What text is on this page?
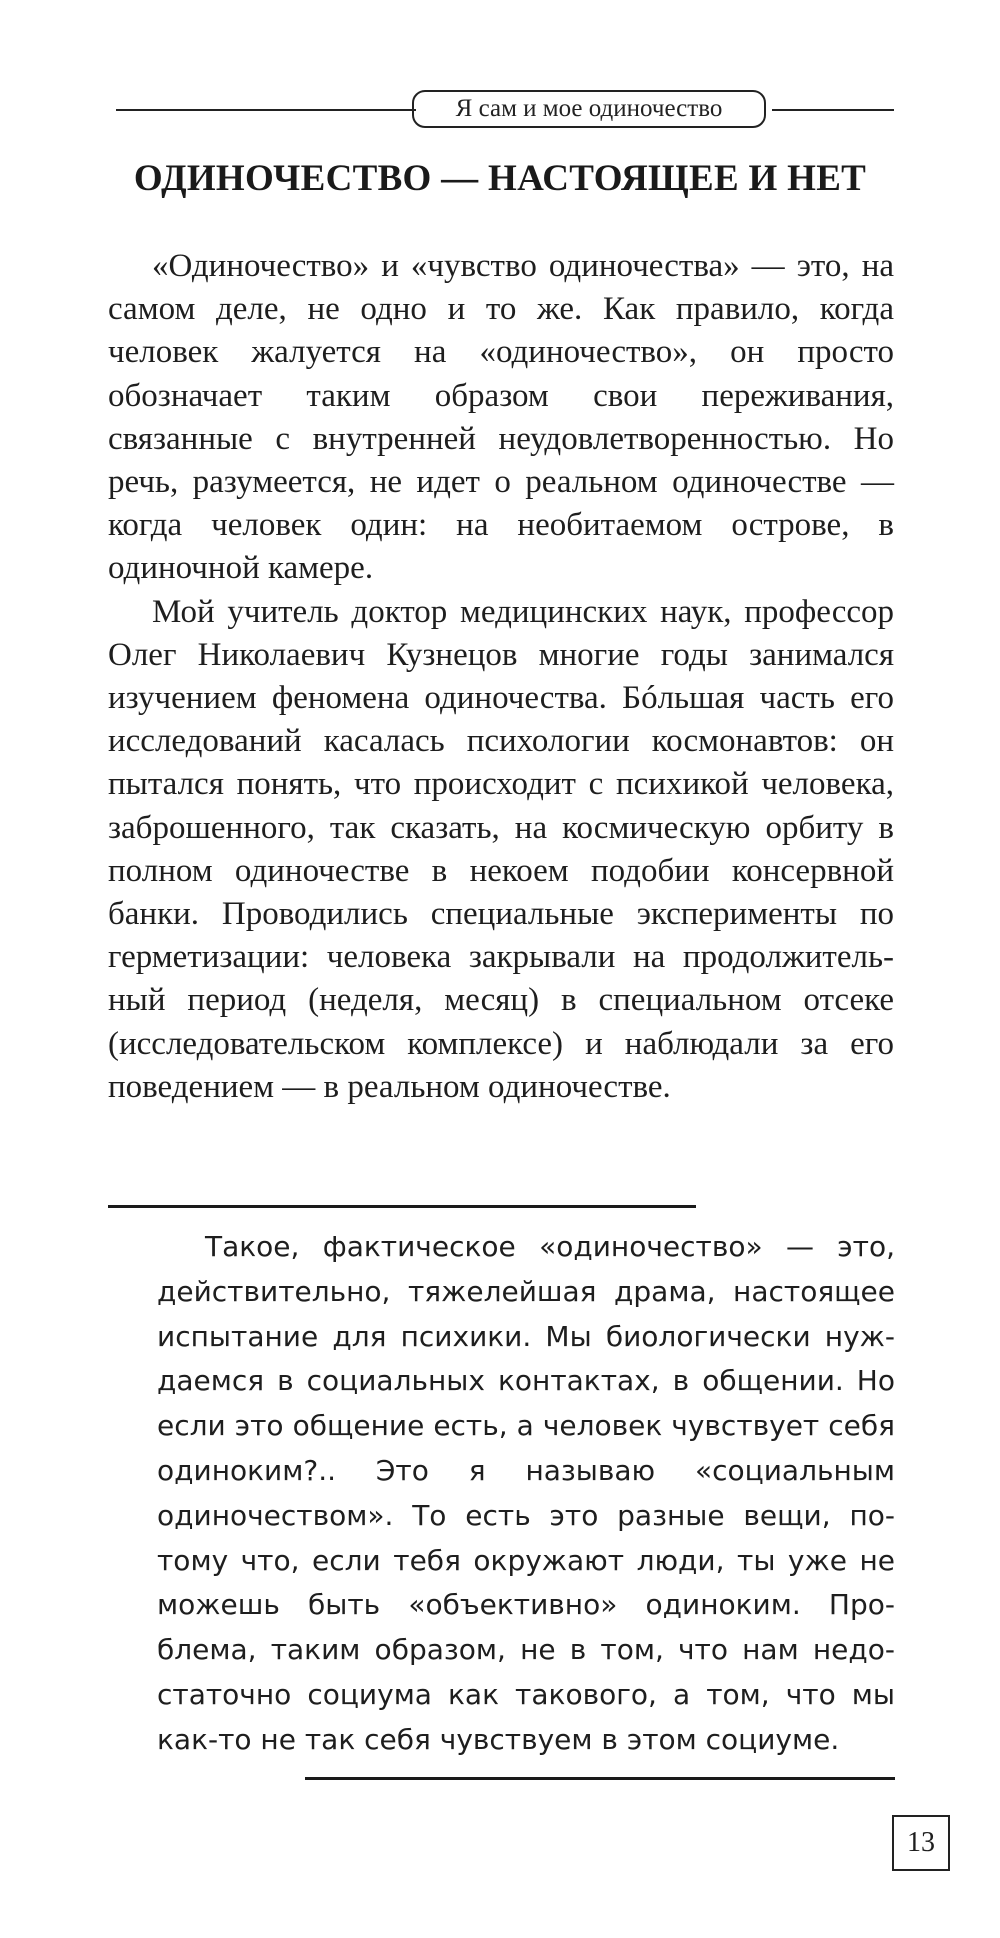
Я сам и мое одиночество
ОДИНОЧЕСТВО — НАСТОЯЩЕЕ И НЕТ

«Одиночество» и «чувство одиночества» — это, на самом деле, не одно и то же. Как правило, когда человек жалуется на «одиночество», он просто обозначает таким образом свои переживания, связанные с внутренней неудовлетворенностью. Но речь, разумеется, не идет о реальном одиночестве — когда человек один: на необитаемом острове, в одиночной камере.

Мой учитель доктор медицинских наук, профессор Олег Николаевич Кузнецов многие годы занимался изучением феномена одиночества. Бóльшая часть его исследований касалась психологии космонавтов: он пытался понять, что происходит с психикой человека, заброшенного, так сказать, на космическую орбиту в полном одиночестве в некоем подобии консервной банки. Проводились специальные эксперименты по герметизации: человека закрывали на продолжительный период (неделя, месяц) в специальном отсеке (исследовательском комплексе) и наблюдали за его поведением — в реальном одиночестве.

Такое, фактическое «одиночество» — это, действительно, тяжелейшая драма, настоящее испытание для психики. Мы биологически нуждаемся в социальных контактах, в общении. Но если это общение есть, а человек чувствует себя одиноким?.. Это я называю «социальным одиночеством». То есть это разные вещи, потому что, если тебя окружают люди, ты уже не можешь быть «объективно» одиноким. Проблема, таким образом, не в том, что нам недостаточно социума как такового, а том, что мы как-то не так себя чувствуем в этом социуме.

13
